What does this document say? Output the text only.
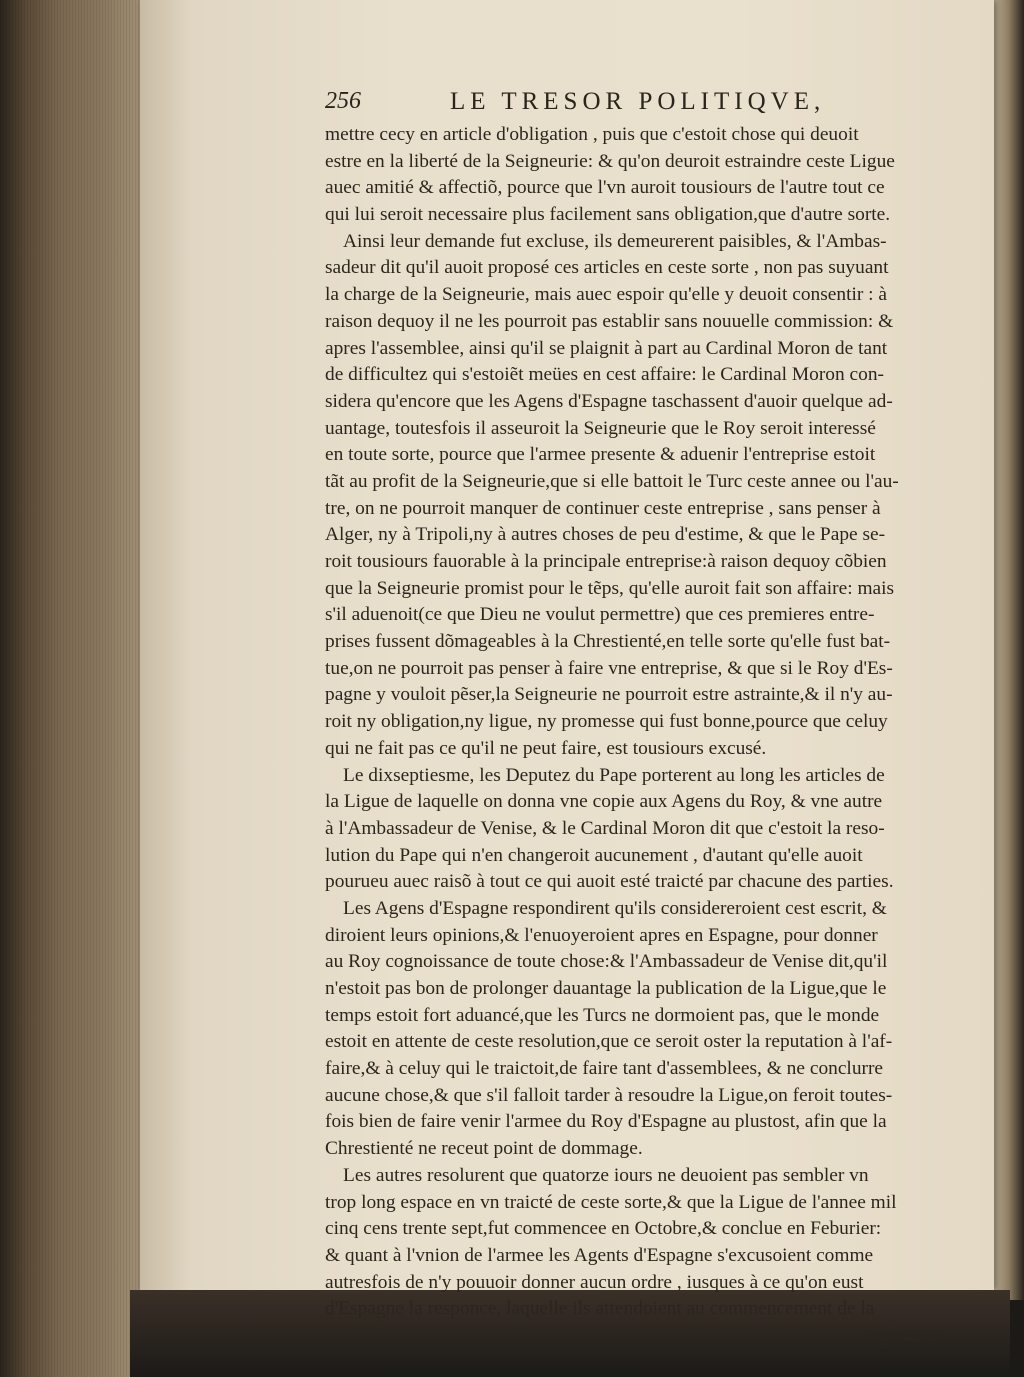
256	LE TRESOR POLITIQVE,
mettre cecy en article d'obligation , puis que c'estoit chose qui deuoit
estre en la liberté de la Seigneurie: & qu'on deuroit estraindre ceste Ligue
auec amitié & affectiõ, pource que l'vn auroit tousiours de l'autre tout ce
qui lui seroit necessaire plus facilement sans obligation,que d'autre sorte.
Ainsi leur demande fut excluse, ils demeurerent paisibles, & l'Ambas-
sadeur dit qu'il auoit proposé ces articles en ceste sorte , non pas suyuant
la charge de la Seigneurie, mais auec espoir qu'elle y deuoit consentir : à
raison dequoy il ne les pourroit pas establir sans nouuelle commission: &
apres l'assemblee, ainsi qu'il se plaignit à part au Cardinal Moron de tant
de difficultez qui s'estoiẽt meües en cest affaire: le Cardinal Moron con-
sidera qu'encore que les Agens d'Espagne taschassent d'auoir quelque ad-
uantage, toutesfois il asseuroit la Seigneurie que le Roy seroit interessé
en toute sorte, pource que l'armee presente & aduenir l'entreprise estoit
tãt au profit de la Seigneurie,que si elle battoit le Turc ceste annee ou l'au-
tre, on ne pourroit manquer de continuer ceste entreprise , sans penser à
Alger, ny à Tripoli,ny à autres choses de peu d'estime, & que le Pape se-
roit tousiours fauorable à la principale entreprise:à raison dequoy cõbien
que la Seigneurie promist pour le tẽps, qu'elle auroit fait son affaire: mais
s'il aduenoit(ce que Dieu ne voulut permettre) que ces premieres entre-
prises fussent dõmageables à la Chrestienté,en telle sorte qu'elle fust bat-
tue,on ne pourroit pas penser à faire vne entreprise, & que si le Roy d'Es-
pagne y vouloit pẽser,la Seigneurie ne pourroit estre astrainte,& il n'y au-
roit ny obligation,ny ligue, ny promesse qui fust bonne,pource que celuy
qui ne fait pas ce qu'il ne peut faire, est tousiours excusé.
Le dixseptiesme, les Deputez du Pape porterent au long les articles de
la Ligue de laquelle on donna vne copie aux Agens du Roy, & vne autre
à l'Ambassadeur de Venise, & le Cardinal Moron dit que c'estoit la reso-
lution du Pape qui n'en changeroit aucunement , d'autant qu'elle auoit
pourueu auec raisõ à tout ce qui auoit esté traicté par chacune des parties.
Les Agens d'Espagne respondirent qu'ils considereroient cest escrit, &
diroient leurs opinions,& l'enuoyeroient apres en Espagne, pour donner
au Roy cognoissance de toute chose:& l'Ambassadeur de Venise dit,qu'il
n'estoit pas bon de prolonger dauantage la publication de la Ligue,que le
temps estoit fort aduancé,que les Turcs ne dormoient pas, que le monde
estoit en attente de ceste resolution,que ce seroit oster la reputation à l'af-
faire,& à celuy qui le traictoit,de faire tant d'assemblees, & ne conclurre
aucune chose,& que s'il falloit tarder à resoudre la Ligue,on feroit toutes-
fois bien de faire venir l'armee du Roy d'Espagne au plustost, afin que la
Chrestienté ne receut point de dommage.
Les autres resolurent que quatorze iours ne deuoient pas sembler vn
trop long espace en vn traicté de ceste sorte,& que la Ligue de l'annee mil
cinq cens trente sept,fut commencee en Octobre,& conclue en Feburier:
& quant à l'vnion de l'armee les Agents d'Espagne s'excusoient comme
autresfois de n'y pouuoir donner aucun ordre , iusques à ce qu'on eust
d'Espagne la responce, laquelle ils attendoient au commencement de la
sepmaine
